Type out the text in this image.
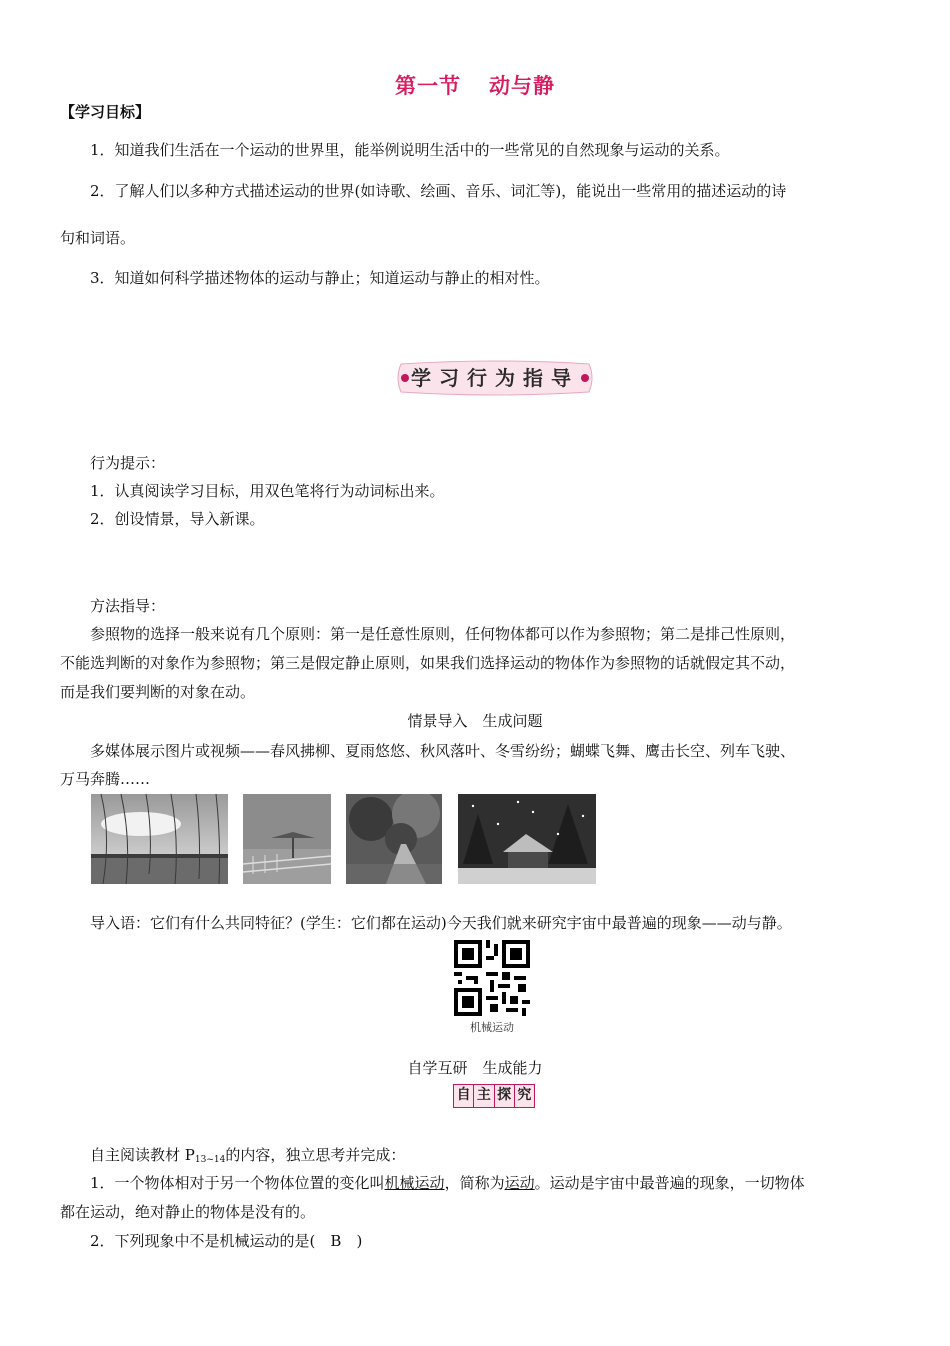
第一节 动与静
【学习目标】
1．知道我们生活在一个运动的世界里，能举例说明生活中的一些常见的自然现象与运动的关系。
2．了解人们以多种方式描述运动的世界(如诗歌、绘画、音乐、词汇等)，能说出一些常用的描述运动的诗
句和词语。
3．知道如何科学描述物体的运动与静止；知道运动与静止的相对性。
学习行为指导
行为提示：
1．认真阅读学习目标，用双色笔将行为动词标出来。
2．创设情景，导入新课。
方法指导：
参照物的选择一般来说有几个原则：第一是任意性原则，任何物体都可以作为参照物；第二是排己性原则，
不能选判断的对象作为参照物；第三是假定静止原则，如果我们选择运动的物体作为参照物的话就假定其不动，
而是我们要判断的对象在动。
情景导入　生成问题
多媒体展示图片或视频——春风拂柳、夏雨悠悠、秋风落叶、冬雪纷纷；蝴蝶飞舞、鹰击长空、列车飞驶、
万马奔腾……
导入语：它们有什么共同特征？(学生：它们都在运动)今天我们就来研究宇宙中最普遍的现象——动与静。
机械运动
自学互研　生成能力
自 主 探 究
自主阅读教材 $P_{13\sim 14}$的内容，独立思考并完成：
1．一个物体相对于另一个物体位置的变化叫机械运动，简称为运动。运动是宇宙中最普遍的现象，一切物体
都在运动，绝对静止的物体是没有的。
2．下列现象中不是机械运动的是(　B　)
